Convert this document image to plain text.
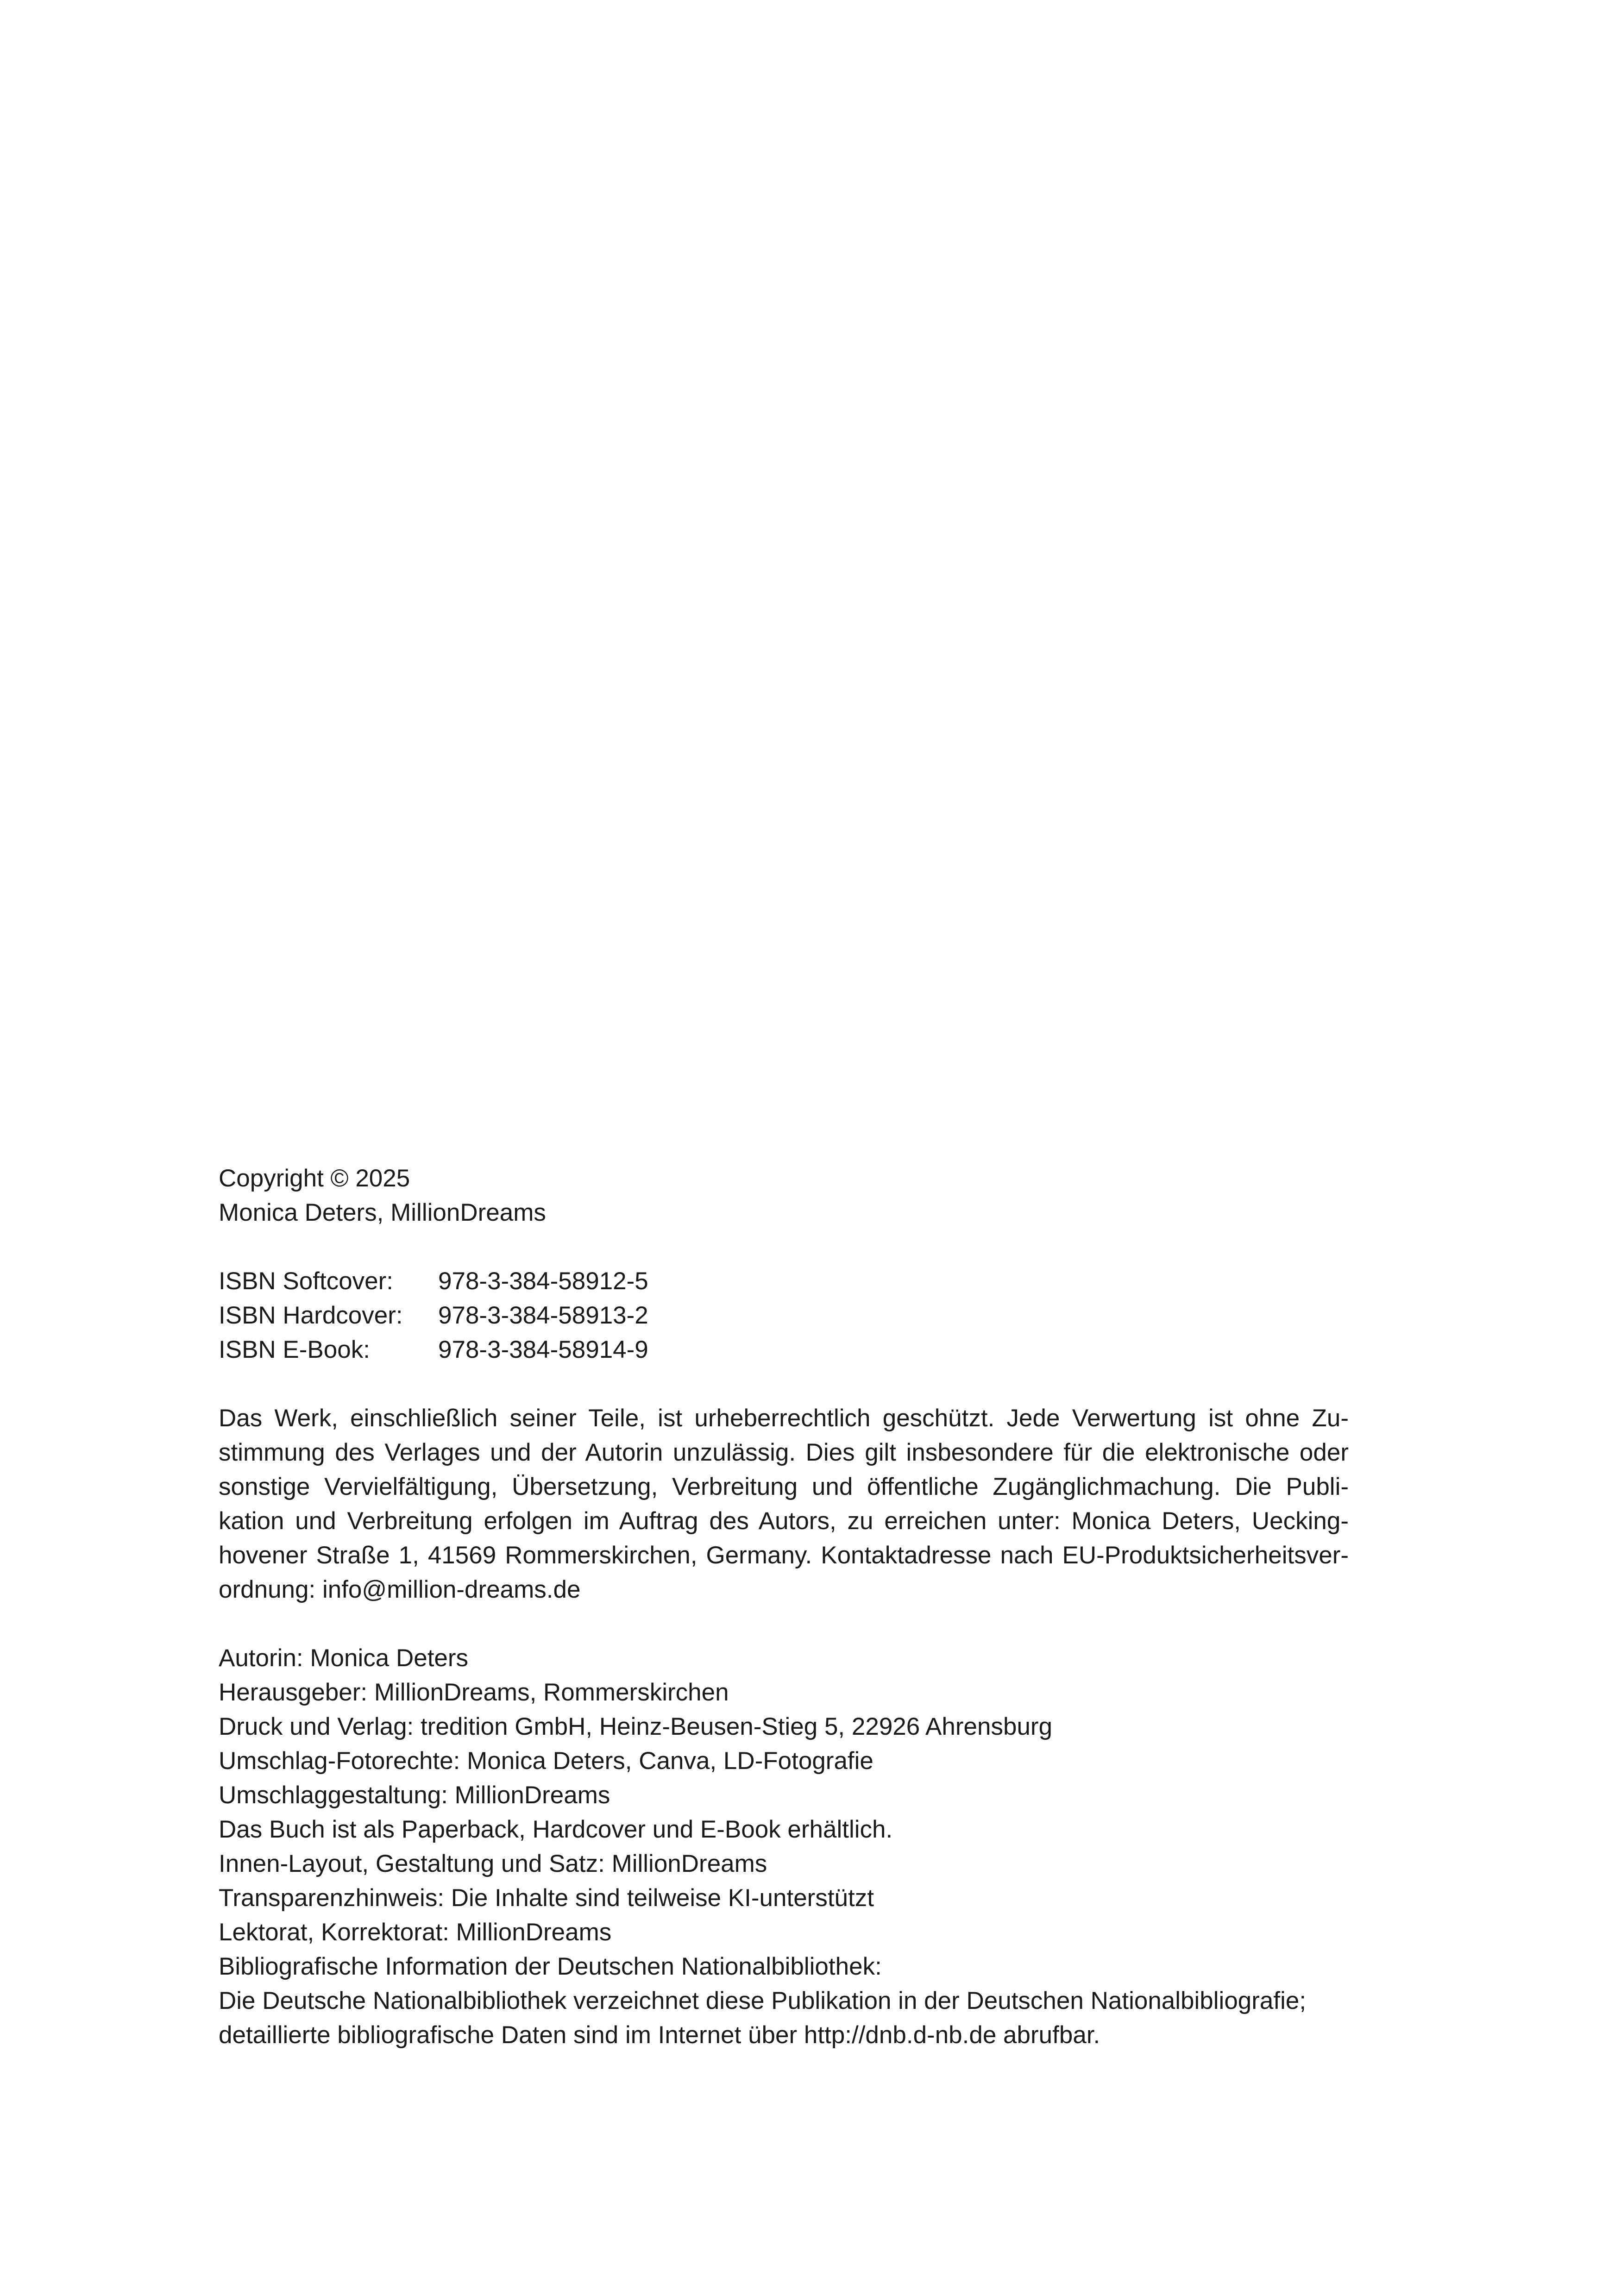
Copyright © 2025
Monica Deters, MillionDreams
ISBN Softcover:	978-3-384-58912-5
ISBN Hardcover:	978-3-384-58913-2
ISBN E-Book:	978-3-384-58914-9
Das Werk, einschließlich seiner Teile, ist urheberrechtlich geschützt. Jede Verwertung ist ohne Zu-
stimmung des Verlages und der Autorin unzulässig. Dies gilt insbesondere für die elektronische oder
sonstige Vervielfältigung, Übersetzung, Verbreitung und öffentliche Zugänglichmachung. Die Publi-
kation und Verbreitung erfolgen im Auftrag des Autors, zu erreichen unter: Monica Deters, Uecking-
hovener Straße 1, 41569 Rommerskirchen, Germany. Kontaktadresse nach EU-Produktsicherheitsver-
ordnung: info@million-dreams.de
Autorin: Monica Deters
Herausgeber: MillionDreams, Rommerskirchen
Druck und Verlag: tredition GmbH, Heinz-Beusen-Stieg 5, 22926 Ahrensburg
Umschlag-Fotorechte: Monica Deters, Canva, LD-Fotografie
Umschlaggestaltung: MillionDreams
Das Buch ist als Paperback, Hardcover und E-Book erhältlich.
Innen-Layout, Gestaltung und Satz: MillionDreams
Transparenzhinweis: Die Inhalte sind teilweise KI-unterstützt
Lektorat, Korrektorat: MillionDreams
Bibliografische Information der Deutschen Nationalbibliothek:
Die Deutsche Nationalbibliothek verzeichnet diese Publikation in der Deutschen Nationalbibliografie;
detaillierte bibliografische Daten sind im Internet über http://dnb.d-nb.de abrufbar.
